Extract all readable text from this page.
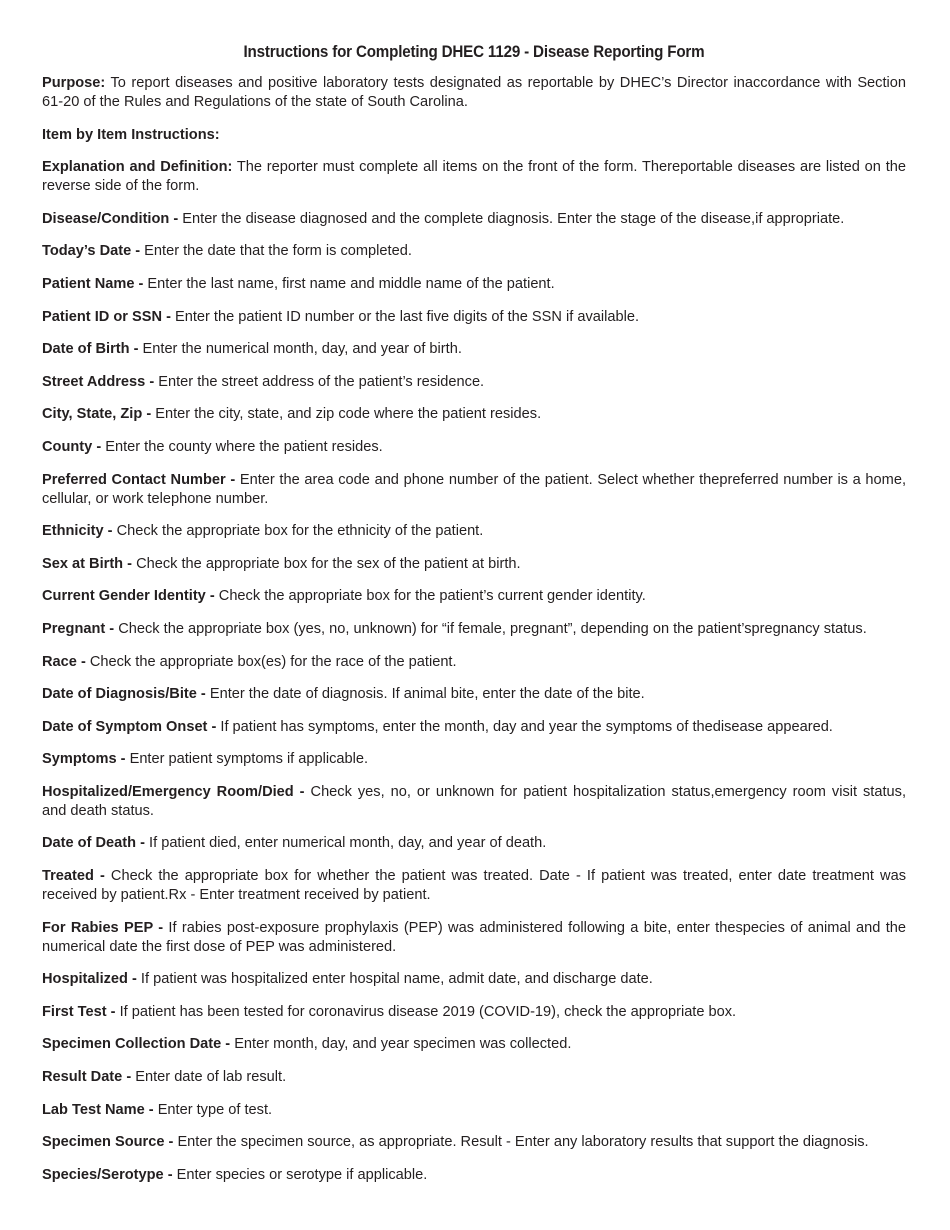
Instructions for Completing DHEC 1129 - Disease Reporting Form

Purpose: To report diseases and positive laboratory tests designated as reportable by DHEC’s Director inaccordance with Section 61-20 of the Rules and Regulations of the state of South Carolina.

Item by Item Instructions:

Explanation and Definition: The reporter must complete all items on the front of the form. Thereportable diseases are listed on the reverse side of the form.

Disease/Condition - Enter the disease diagnosed and the complete diagnosis. Enter the stage of the disease,if appropriate.

Today’s Date - Enter the date that the form is completed.

Patient Name - Enter the last name, first name and middle name of the patient.

Patient ID or SSN - Enter the patient ID number or the last five digits of the SSN if available.

Date of Birth - Enter the numerical month, day, and year of birth.

Street Address - Enter the street address of the patient’s residence.

City, State, Zip - Enter the city, state, and zip code where the patient resides.

County - Enter the county where the patient resides.

Preferred Contact Number - Enter the area code and phone number of the patient. Select whether thepreferred number is a home, cellular, or work telephone number.

Ethnicity - Check the appropriate box for the ethnicity of the patient.

Sex at Birth - Check the appropriate box for the sex of the patient at birth.

Current Gender Identity - Check the appropriate box for the patient’s current gender identity.

Pregnant - Check the appropriate box (yes, no, unknown) for “if female, pregnant”, depending on the patient’spregnancy status.

Race - Check the appropriate box(es) for the race of the patient.

Date of Diagnosis/Bite - Enter the date of diagnosis. If animal bite, enter the date of the bite.

Date of Symptom Onset - If patient has symptoms, enter the month, day and year the symptoms of thedisease appeared.

Symptoms - Enter patient symptoms if applicable.

Hospitalized/Emergency Room/Died - Check yes, no, or unknown for patient hospitalization status,emergency room visit status, and death status.

Date of Death - If patient died, enter numerical month, day, and year of death.

Treated - Check the appropriate box for whether the patient was treated. Date - If patient was treated, enter date treatment was received by patient.Rx - Enter treatment received by patient.

For Rabies PEP - If rabies post-exposure prophylaxis (PEP) was administered following a bite, enter thespecies of animal and the numerical date the first dose of PEP was administered.

Hospitalized - If patient was hospitalized enter hospital name, admit date, and discharge date.

First Test - If patient has been tested for coronavirus disease 2019 (COVID-19), check the appropriate box.

Specimen Collection Date - Enter month, day, and year specimen was collected.

Result Date - Enter date of lab result.

Lab Test Name - Enter type of test.

Specimen Source - Enter the specimen source, as appropriate. Result - Enter any laboratory results that support the diagnosis.

Species/Serotype - Enter species or serotype if applicable.
